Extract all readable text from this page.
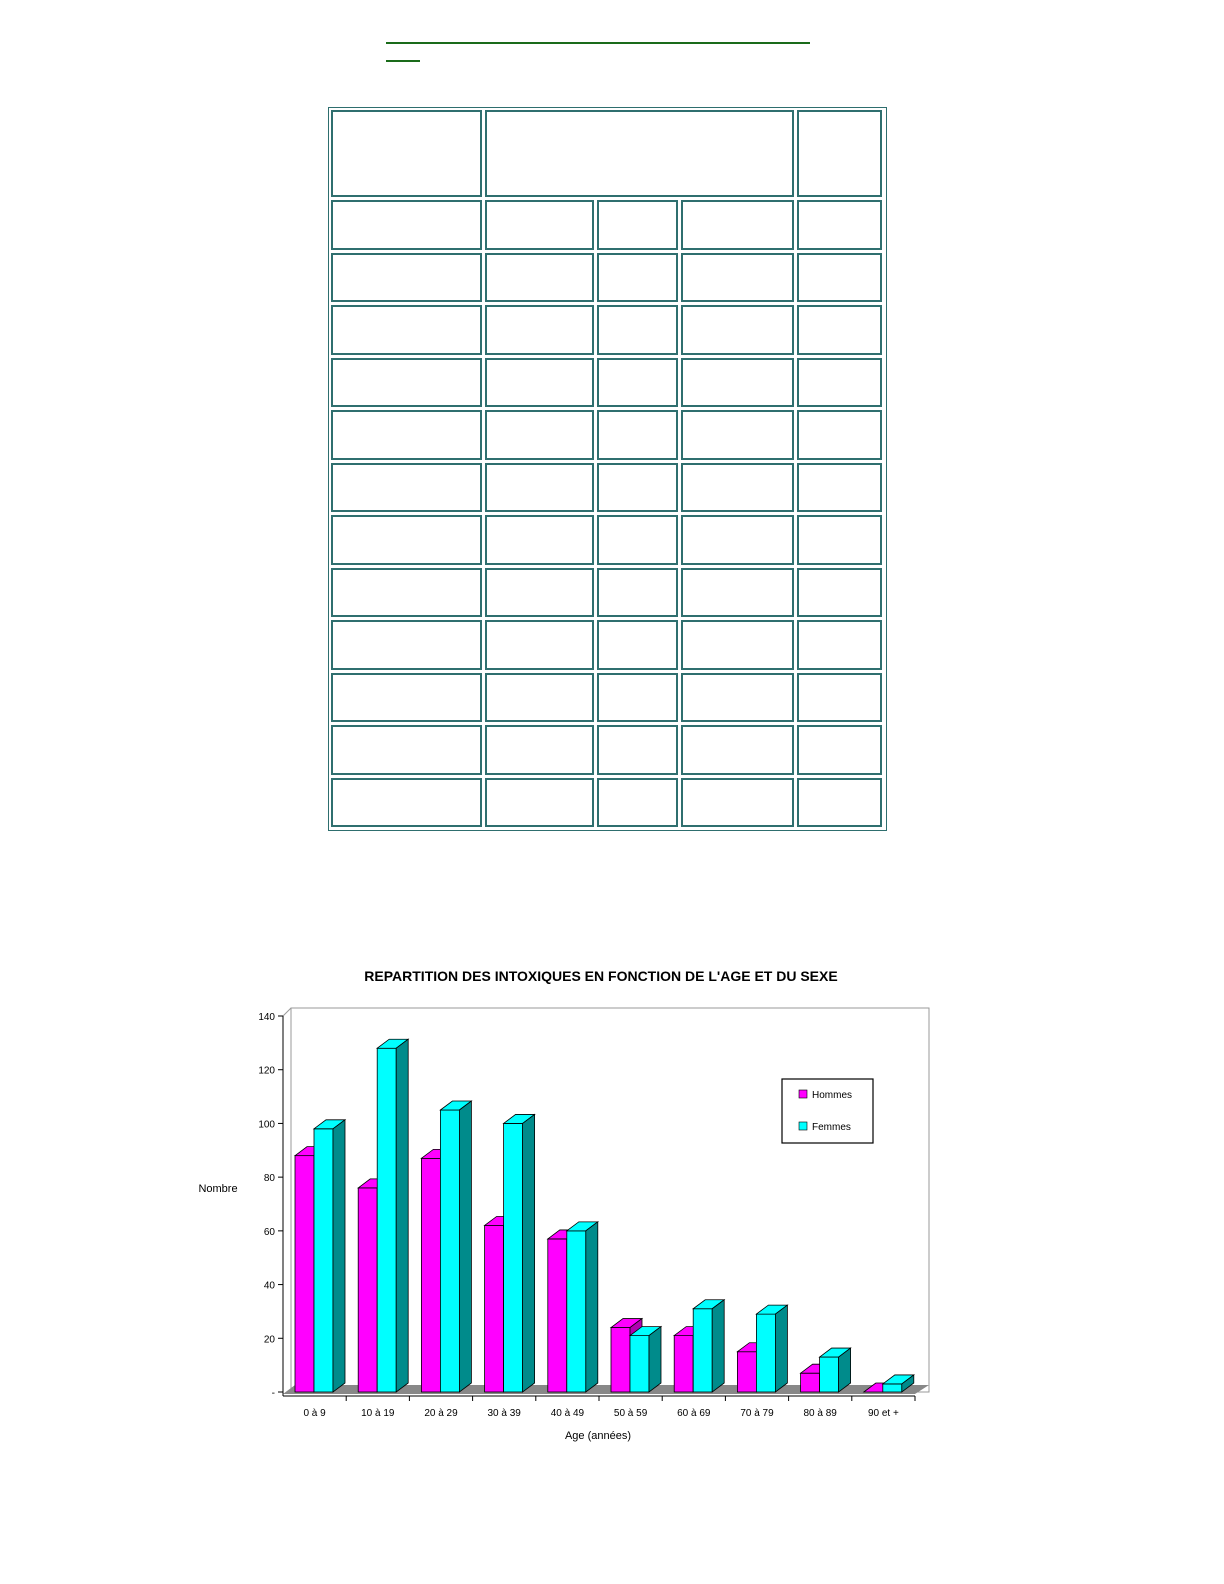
REPARTITION DES INTOXIQUES EN FONCTION DE L'AGE ET DU SEXE
-
20
40
60
80
100
120
140
0 à 9	10 à 19	20 à 29	30 à 39	40 à 49	50 à 59	60 à 69	70 à 79	80 à 89	90 et +
Nombre
Age (années)
Hommes
Femmes
